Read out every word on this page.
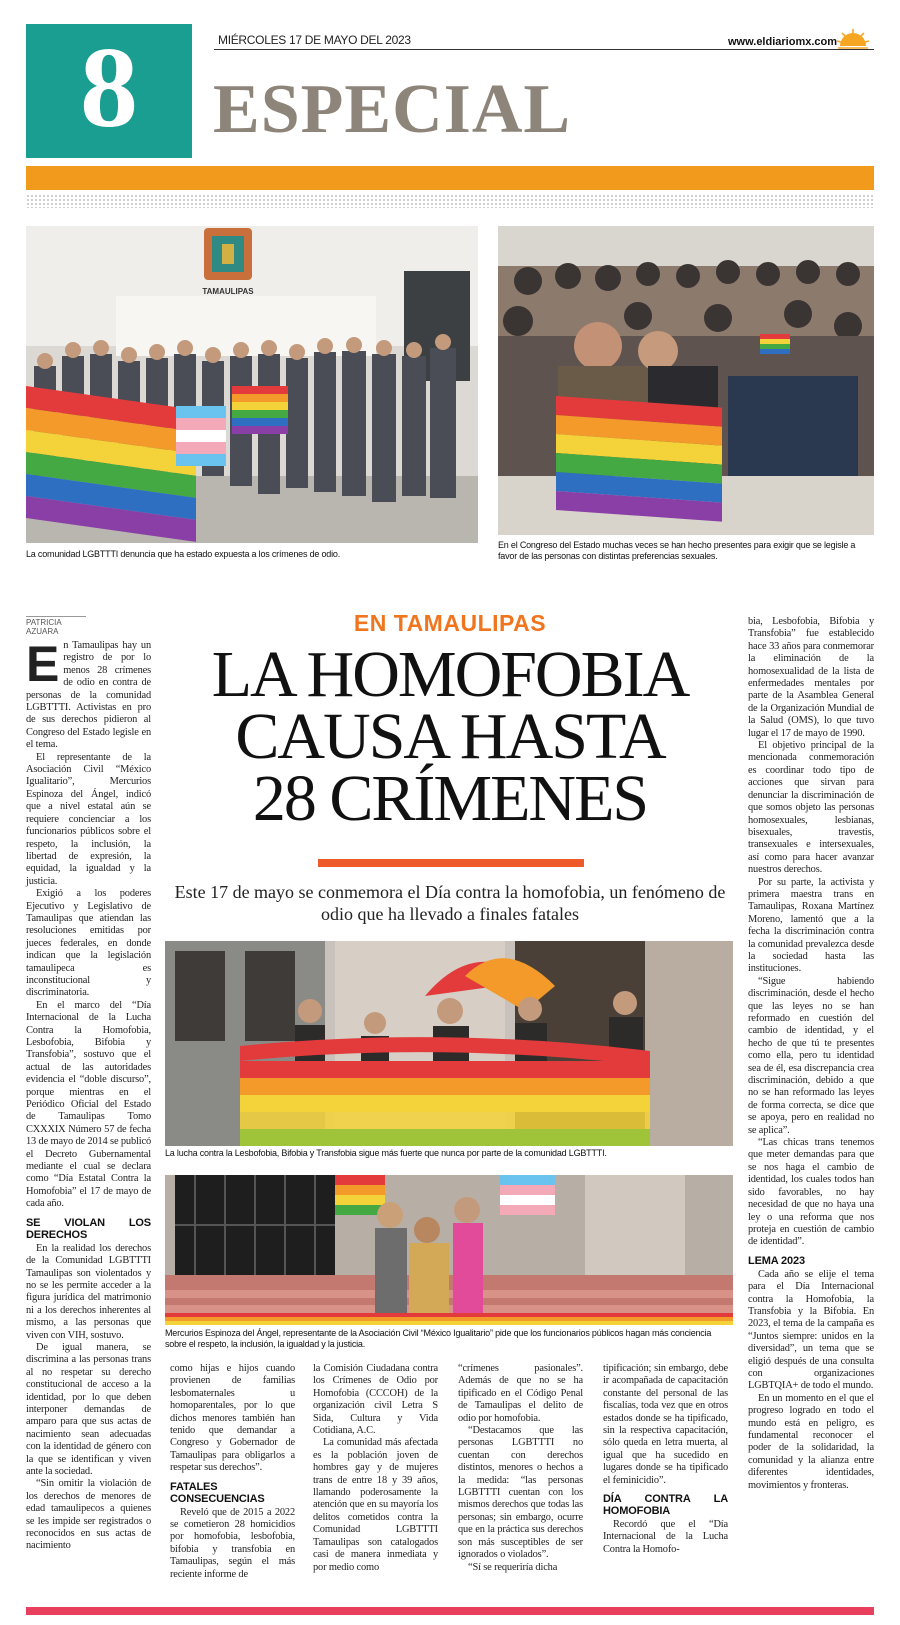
8	MIÉRCOLES 17 DE MAYO DEL 2023	www.eldiariomx.com
ESPECIAL
TAMAULIPAS
La comunidad LGBTTTI denuncia que ha estado expuesta a los crímenes de odio.
En el Congreso del Estado muchas veces se han hecho presentes para exigir que se legisle a favor de las personas con distintas preferencias sexuales.
PATRICIA AZUARA	EN TAMAULIPAS
LA HOMOFOBIA
CAUSA HASTA
28 CRÍMENES
Este 17 de mayo se conmemora el Día contra la homofobia, un fenómeno de odio que ha llevado a finales fatales
La lucha contra la Lesbofobia, Bifobia y Transfobia sigue más fuerte que nunca por parte de la comunidad LGBTTTI.
Mercurios Espinoza del Ángel, representante de la Asociación Civil “México Igualitario” pide que los funcionarios públicos hagan más conciencia sobre el respeto, la inclusión, la igualdad y la justicia.
E n Tamaulipas hay un registro de por lo menos 28 crímenes de odio en contra de personas de la comunidad LGBTTTI. Activistas en pro de sus derechos pidieron al Congreso del Estado legisle en el tema.

El representante de la Asociación Civil “México Igualitario”, Mercurios Espinoza del Ángel, indicó que a nivel estatal aún se requiere concienciar a los funcionarios públicos sobre el respeto, la inclusión, la libertad de expresión, la equidad, la igualdad y la justicia.

Exigió a los poderes Ejecutivo y Legislativo de Tamaulipas que atiendan las resoluciones emitidas por jueces federales, en donde indican que la legislación tamaulipeca es inconstitucional y discriminatoria.

En el marco del “Día Internacional de la Lucha Contra la Homofobia, Lesbofobia, Bifobia y Transfobia”, sostuvo que el actual de las autoridades evidencia el “doble discurso”, porque mientras en el Periódico Oficial del Estado de Tamaulipas Tomo CXXXIX Número 57 de fecha 13 de mayo de 2014 se publicó el Decreto Gubernamental mediante el cual se declara como “Día Estatal Contra la Homofobia” el 17 de mayo de cada año.

SE VIOLAN LOS DERECHOS

En la realidad los derechos de la Comunidad LGBTTTI Tamaulipas son violentados y no se les permite acceder a la figura jurídica del matrimonio ni a los derechos inherentes al mismo, a las personas que viven con VIH, sostuvo.

De igual manera, se discrimina a las personas trans al no respetar su derecho constitucional de acceso a la identidad, por lo que deben interponer demandas de amparo para que sus actas de nacimiento sean adecuadas con la identidad de género con la que se identifican y viven ante la sociedad.

“Sin omitir la violación de los derechos de menores de edad tamaulipecos a quienes se les impide ser registrados o reconocidos en sus actas de nacimiento

como hijas e hijos cuando provienen de familias lesbomaternales u homoparentales, por lo que dichos menores también han tenido que demandar a Congreso y Gobernador de Tamaulipas para obligarlos a respetar sus derechos”.

FATALES CONSECUENCIAS

Reveló que de 2015 a 2022 se cometieron 28 homicidios por homofobia, lesbofobia, bifobia y transfobia en Tamaulipas, según el más reciente informe de

la Comisión Ciudadana contra los Crímenes de Odio por Homofobia (CCCOH) de la organización civil Letra S Sida, Cultura y Vida Cotidiana, A.C.

La comunidad más afectada es la población joven de hombres gay y de mujeres trans de entre 18 y 39 años, llamando poderosamente la atención que en su mayoría los delitos cometidos contra la Comunidad LGBTTTI Tamaulipas son catalogados casi de manera inmediata y por medio como

“crímenes pasionales”. Además de que no se ha tipificado en el Código Penal de Tamaulipas el delito de odio por homofobia.

“Destacamos que las personas LGBTTTI no cuentan con derechos distintos, menores o hechos a la medida: “las personas LGBTTTI cuentan con los mismos derechos que todas las personas; sin embargo, ocurre que en la práctica sus derechos son más susceptibles de ser ignorados o violados”.

“Sí se requeriría dicha

tipificación; sin embargo, debe ir acompañada de capacitación constante del personal de las fiscalías, toda vez que en otros estados donde se ha tipificado, sin la respectiva capacitación, sólo queda en letra muerta, al igual que ha sucedido en lugares donde se ha tipificado el feminicidio”.

DÍA CONTRA LA HOMOFOBIA

Recordó que el “Día Internacional de la Lucha Contra la Homofo-

bia, Lesbofobia, Bifobia y Transfobia” fue establecido hace 33 años para conmemorar la eliminación de la homosexualidad de la lista de enfermedades mentales por parte de la Asamblea General de la Organización Mundial de la Salud (OMS), lo que tuvo lugar el 17 de mayo de 1990.

El objetivo principal de la mencionada conmemoración es coordinar todo tipo de acciones que sirvan para denunciar la discriminación de que somos objeto las personas homosexuales, lesbianas, bisexuales, travestis, transexuales e intersexuales, así como para hacer avanzar nuestros derechos.

Por su parte, la activista y primera maestra trans en Tamaulipas, Roxana Martínez Moreno, lamentó que a la fecha la discriminación contra la comunidad prevalezca desde la sociedad hasta las instituciones.

“Sigue habiendo discriminación, desde el hecho que las leyes no se han reformado en cuestión del cambio de identidad, y el hecho de que tú te presentes como ella, pero tu identidad sea de él, esa discrepancia crea discriminación, debido a que no se han reformado las leyes de forma correcta, se dice que se apoya, pero en realidad no se aplica”.

“Las chicas trans tenemos que meter demandas para que se nos haga el cambio de identidad, los cuales todos han sido favorables, no hay necesidad de que no haya una ley o una reforma que nos proteja en cuestión de cambio de identidad”.

LEMA 2023

Cada año se elije el tema para el Día Internacional contra la Homofobia, la Transfobia y la Bifobia. En 2023, el tema de la campaña es “Juntos siempre: unidos en la diversidad”, un tema que se eligió después de una consulta con organizaciones LGBTQIA+ de todo el mundo.

En un momento en el que el progreso logrado en todo el mundo está en peligro, es fundamental reconocer el poder de la solidaridad, la comunidad y la alianza entre diferentes identidades, movimientos y fronteras.
